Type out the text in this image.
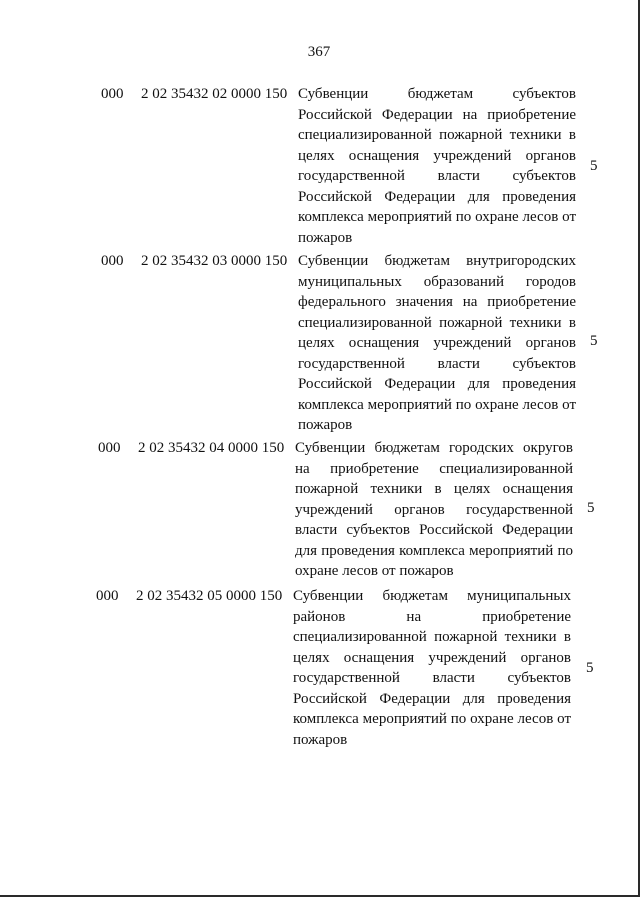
367
000 2 02 35432 02 0000 150 Субвенции бюджетам субъектов Российской Федерации на приобретение специализированной пожарной техники в целях оснащения учреждений органов государственной власти субъектов Российской Федерации для проведения комплекса мероприятий по охране лесов от пожаров
5
000 2 02 35432 03 0000 150 Субвенции бюджетам внутригородских муниципальных образований городов федерального значения на приобретение специализированной пожарной техники в целях оснащения учреждений органов государственной власти субъектов Российской Федерации для проведения комплекса мероприятий по охране лесов от пожаров
5
000 2 02 35432 04 0000 150 Субвенции бюджетам городских округов на приобретение специализированной пожарной техники в целях оснащения учреждений органов государственной власти субъектов Российской Федерации для проведения комплекса мероприятий по охране лесов от пожаров
5
000 2 02 35432 05 0000 150 Субвенции бюджетам муниципальных районов на приобретение специализированной пожарной техники в целях оснащения учреждений органов государственной власти субъектов Российской Федерации для проведения комплекса мероприятий по охране лесов от пожаров
5
